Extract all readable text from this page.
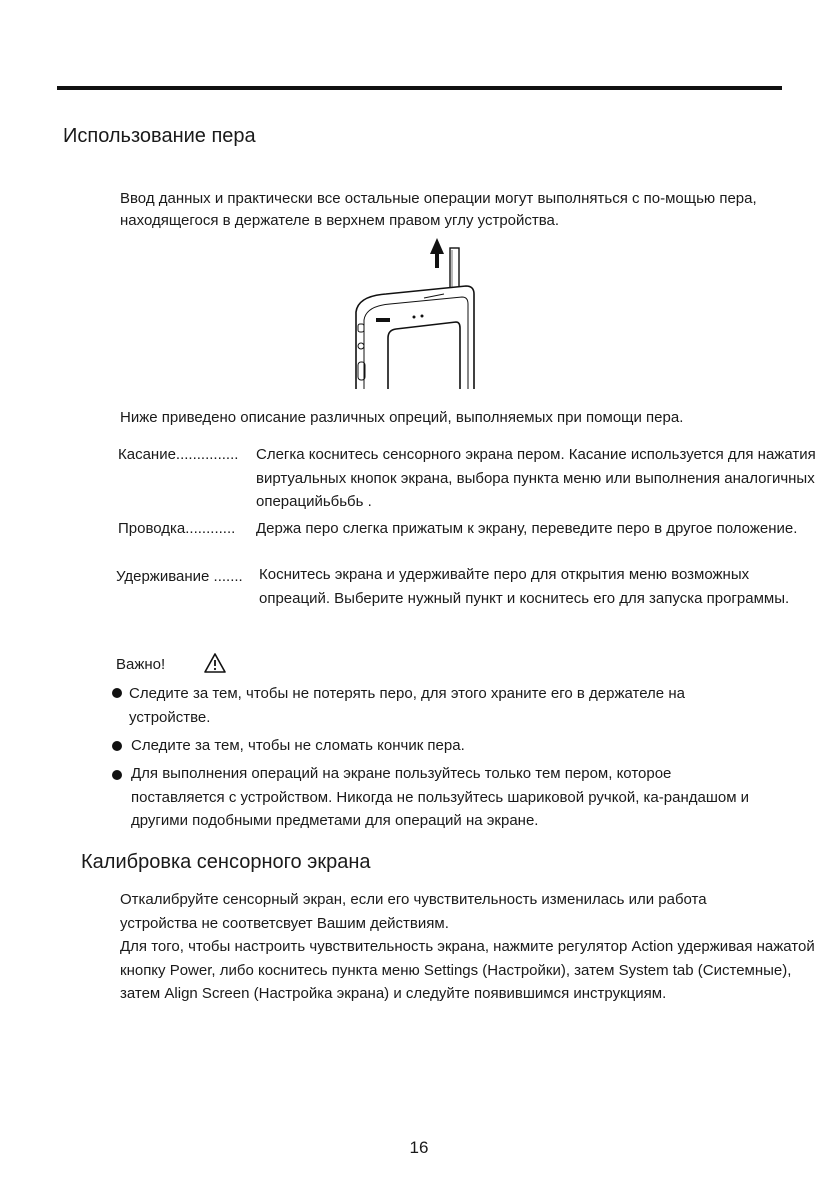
Использование пера

Ввод данных и практически все остальные операции могут выполняться с по-мощью пера, находящегося в держателе в верхнем правом углу устройства.

Ниже приведено описание различных опреций, выполняемых при помощи пера.

Касание............... Слегка коснитесь сенсорного экрана пером. Касание используется для нажатия виртуальных кнопок экрана, выбора пункта меню или выполнения аналогичных операцийьбьбь .

Проводка............ Держа перо слегка прижатым к экрану, переведите перо в другое положение.

Удерживание ....... Коснитесь экрана и удерживайте перо для открытия меню возможных опреаций. Выберите нужный пункт и коснитесь его для запуска программы.

Важно!

Следите за тем, чтобы не потерять перо, для этого храните его в держателе на устройстве.

Следите за тем, чтобы не сломать кончик пера.

Для выполнения операций на экране пользуйтесь только тем пером, которое поставляется с устройством. Никогда не пользуйтесь шариковой ручкой, ка-рандашом и другими подобными предметами для операций на экране.

Калибровка сенсорного экрана
Откалибруйте сенсорный экран, если его чувствительность изменилась или работа устройства не соответсвует Вашим действиям.
Для того, чтобы настроить чувствительность экрана, нажмите регулятор Action удерживая нажатой кнопку Power, либо коснитесь пункта меню Settings (Настройки), затем System tab (Системные), затем Align Screen (Настройка экрана) и следуйте появившимся инструкциям.
16
